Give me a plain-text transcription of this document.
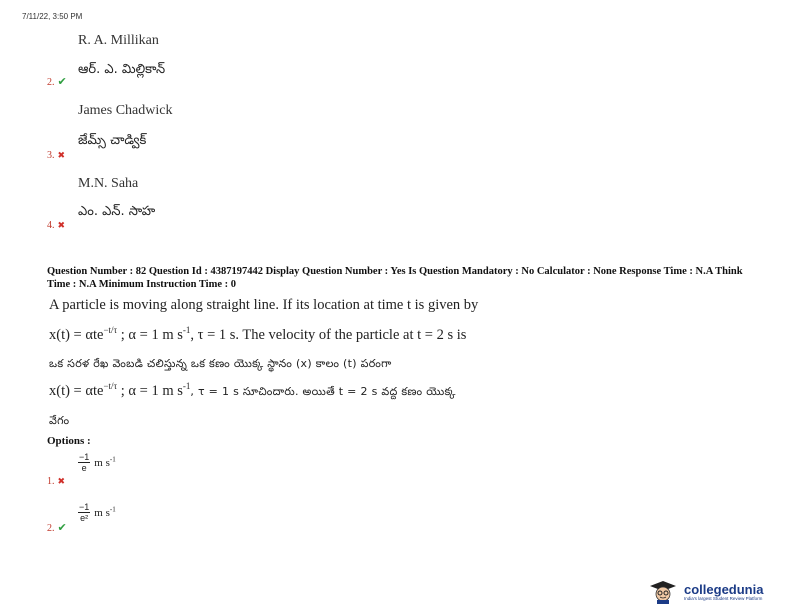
7/11/22, 3:50 PM
R. A. Millikan
2. ✔
ఆర్. ఎ. మిల్లికాన్
James Chadwick
3. ✖
జేమ్స్ చాడ్విక్
M.N. Saha
4. ✖
ఎం. ఎన్. సాహ
Question Number : 82 Question Id : 4387197442 Display Question Number : Yes Is Question Mandatory : No Calculator : None Response Time : N.A Think Time : N.A Minimum Instruction Time : 0
A particle is moving along straight line. If its location at time t is given by
x(t) = αte$^{-t/\tau}$ ; α = 1 m $s^{-1}$, τ = 1 s. The velocity of the particle at t = 2 s is
ఒక సరళ రేఖ వెంబడి చలిస్తున్న ఒక కణం యొక్క స్థానం (x) కాలం (t) పరంగా
x(t) = αte$^{-t/\tau}$ ; α = 1 m $s^{-1}$, τ = 1 s సూచిందారు. అయితే t = 2 s వద్ద కణం యొక్క
వేగం
Options :
1. ✖
$\frac{-1}{e}$ m $s^{-1}$
2. ✔
$\frac{-1}{\text{e²}}$ m $s^{-1}$
collegedunia
India's largest Student Review Platform
